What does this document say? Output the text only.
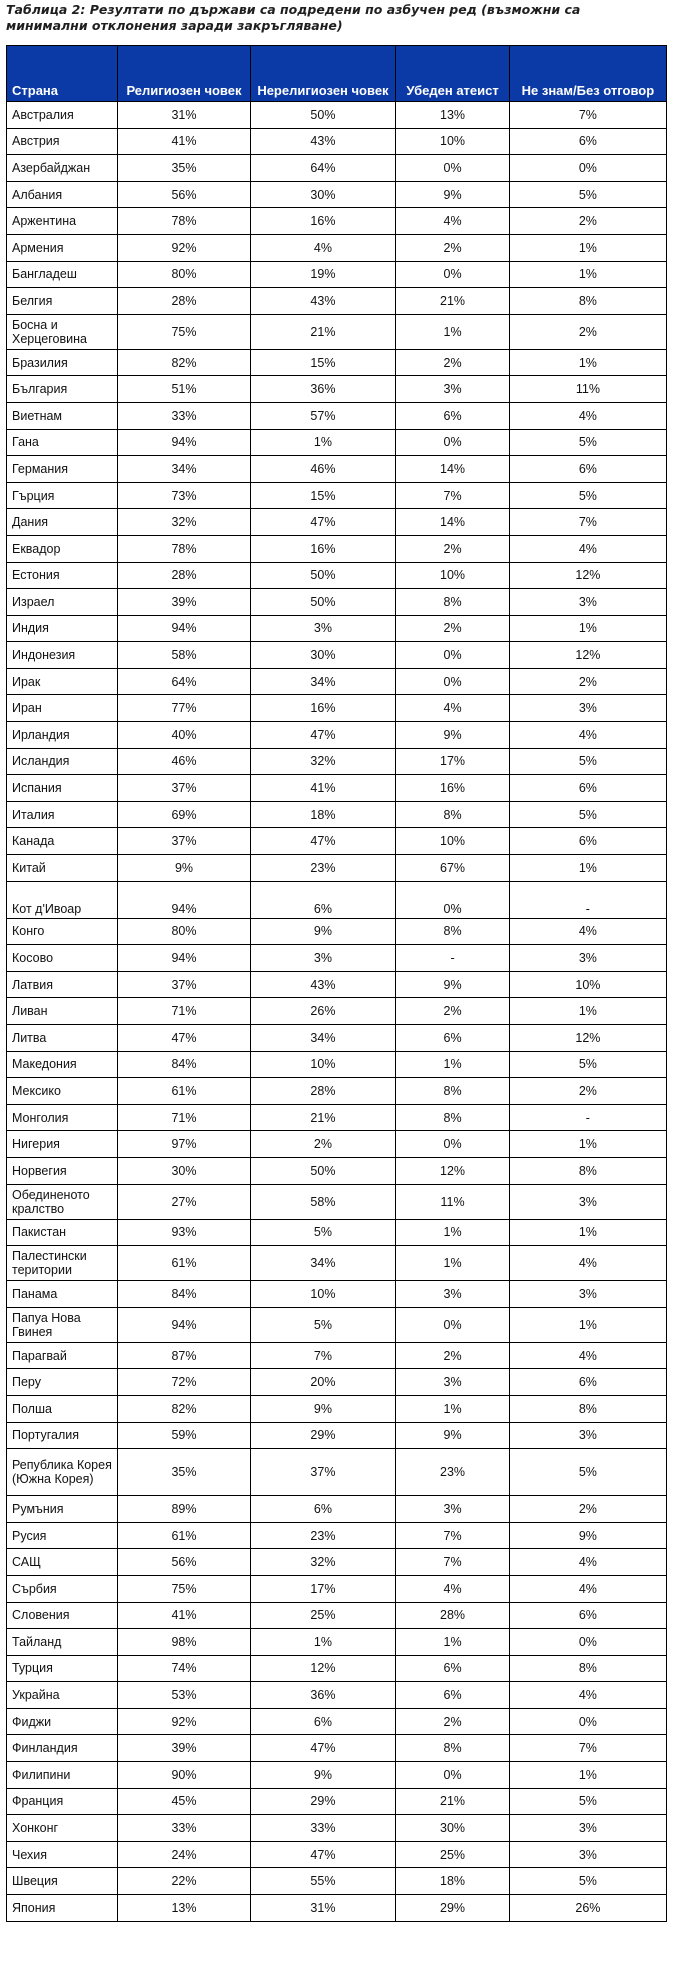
Таблица 2: Резултати по държави са подредени по азбучен ред (възможни са минимални отклонения заради закръгляване)
Страна	Религиозен човек	Нерелигиозен човек	Убеден атеист	Не знам/Без отговор
Австралия	31%	50%	13%	7%
Австрия	41%	43%	10%	6%
Азербайджан	35%	64%	0%	0%
Албания	56%	30%	9%	5%
Аржентина	78%	16%	4%	2%
Армения	92%	4%	2%	1%
Бангладеш	80%	19%	0%	1%
Белгия	28%	43%	21%	8%
Босна и Херцеговина	75%	21%	1%	2%
Бразилия	82%	15%	2%	1%
България	51%	36%	3%	11%
Виетнам	33%	57%	6%	4%
Гана	94%	1%	0%	5%
Германия	34%	46%	14%	6%
Гърция	73%	15%	7%	5%
Дания	32%	47%	14%	7%
Еквадор	78%	16%	2%	4%
Естония	28%	50%	10%	12%
Израел	39%	50%	8%	3%
Индия	94%	3%	2%	1%
Индонезия	58%	30%	0%	12%
Ирак	64%	34%	0%	2%
Иран	77%	16%	4%	3%
Ирландия	40%	47%	9%	4%
Исландия	46%	32%	17%	5%
Испания	37%	41%	16%	6%
Италия	69%	18%	8%	5%
Канада	37%	47%	10%	6%
Китай	9%	23%	67%	1%
Кот д'Ивоар	94%	6%	0%	-
Конго	80%	9%	8%	4%
Косово	94%	3%	-	3%
Латвия	37%	43%	9%	10%
Ливан	71%	26%	2%	1%
Литва	47%	34%	6%	12%
Македония	84%	10%	1%	5%
Мексико	61%	28%	8%	2%
Монголия	71%	21%	8%	-
Нигерия	97%	2%	0%	1%
Норвегия	30%	50%	12%	8%
Обединеното кралство	27%	58%	11%	3%
Пакистан	93%	5%	1%	1%
Палестински територии	61%	34%	1%	4%
Панама	84%	10%	3%	3%
Папуа Нова Гвинея	94%	5%	0%	1%
Парагвай	87%	7%	2%	4%
Перу	72%	20%	3%	6%
Полша	82%	9%	1%	8%
Португалия	59%	29%	9%	3%
Република Корея (Южна Корея)	35%	37%	23%	5%
Румъния	89%	6%	3%	2%
Русия	61%	23%	7%	9%
САЩ	56%	32%	7%	4%
Сърбия	75%	17%	4%	4%
Словения	41%	25%	28%	6%
Тайланд	98%	1%	1%	0%
Турция	74%	12%	6%	8%
Украйна	53%	36%	6%	4%
Фиджи	92%	6%	2%	0%
Финландия	39%	47%	8%	7%
Филипини	90%	9%	0%	1%
Франция	45%	29%	21%	5%
Хонконг	33%	33%	30%	3%
Чехия	24%	47%	25%	3%
Швеция	22%	55%	18%	5%
Япония	13%	31%	29%	26%
